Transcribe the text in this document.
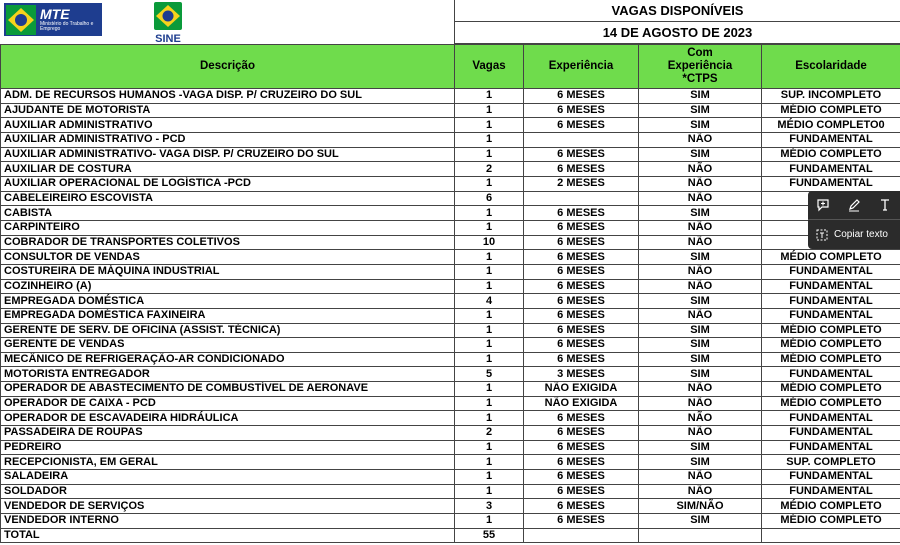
MTE
Ministério do Trabalho e Emprego
SINE
VAGAS DISPONÍVEIS
14 DE AGOSTO DE 2023
Descrição	Vagas	Experiência	Com Experiência *CTPS	Escolaridade
ADM. DE RECURSOS HUMANOS -VAGA DISP. P/ CRUZEIRO DO SUL	1	6 MESES	SIM	SUP. INCOMPLETO
AJUDANTE DE MOTORISTA	1	6 MESES	SIM	MÉDIO COMPLETO
AUXILIAR ADMINISTRATIVO	1	6 MESES	SIM	MÉDIO COMPLETO0
AUXILIAR ADMINISTRATIVO - PCD	1		NÃO	FUNDAMENTAL
AUXILIAR ADMINISTRATIVO- VAGA DISP. P/ CRUZEIRO DO SUL	1	6 MESES	SIM	MÉDIO COMPLETO
AUXILIAR DE COSTURA	2	6 MESES	NÃO	FUNDAMENTAL
AUXILIAR OPERACIONAL DE LOGÍSTICA -PCD	1	2 MESES	NÃO	FUNDAMENTAL
CABELEIREIRO ESCOVISTA	6		NÃO	
CABISTA	1	6 MESES	SIM	
CARPINTEIRO	1	6 MESES	NÃO	
COBRADOR DE TRANSPORTES COLETIVOS	10	6 MESES	NÃO	
CONSULTOR DE VENDAS	1	6 MESES	SIM	MÉDIO COMPLETO
COSTUREIRA DE MÁQUINA INDUSTRIAL	1	6 MESES	NÃO	FUNDAMENTAL
COZINHEIRO (A)	1	6 MESES	NÃO	FUNDAMENTAL
EMPREGADA DOMÉSTICA	4	6 MESES	SIM	FUNDAMENTAL
EMPREGADA DOMÉSTICA FAXINEIRA	1	6 MESES	NÃO	FUNDAMENTAL
GERENTE DE SERV. DE OFICINA (ASSIST. TÉCNICA)	1	6 MESES	SIM	MÉDIO COMPLETO
GERENTE DE VENDAS	1	6 MESES	SIM	MÉDIO COMPLETO
MECÂNICO DE REFRIGERAÇÃO-AR CONDICIONADO	1	6 MESES	SIM	MÉDIO COMPLETO
MOTORISTA ENTREGADOR	5	3 MESES	SIM	FUNDAMENTAL
OPERADOR DE ABASTECIMENTO DE COMBUSTÍVEL DE AERONAVE	1	NÃO EXIGIDA	NÃO	MÉDIO COMPLETO
OPERADOR DE CAIXA - PCD	1	NÃO EXIGIDA	NÃO	MÉDIO COMPLETO
OPERADOR DE ESCAVADEIRA HIDRÁULICA	1	6 MESES	NÃO	FUNDAMENTAL
PASSADEIRA DE ROUPAS	2	6 MESES	NÃO	FUNDAMENTAL
PEDREIRO	1	6 MESES	SIM	FUNDAMENTAL
RECEPCIONISTA, EM GERAL	1	6 MESES	SIM	SUP. COMPLETO
SALADEIRA	1	6 MESES	NÃO	FUNDAMENTAL
SOLDADOR	1	6 MESES	NÃO	FUNDAMENTAL
VENDEDOR DE SERVIÇOS	3	6 MESES	SIM/NÃO	MÉDIO COMPLETO
VENDEDOR INTERNO	1	6 MESES	SIM	MÉDIO COMPLETO
TOTAL	55			
Copiar texto
